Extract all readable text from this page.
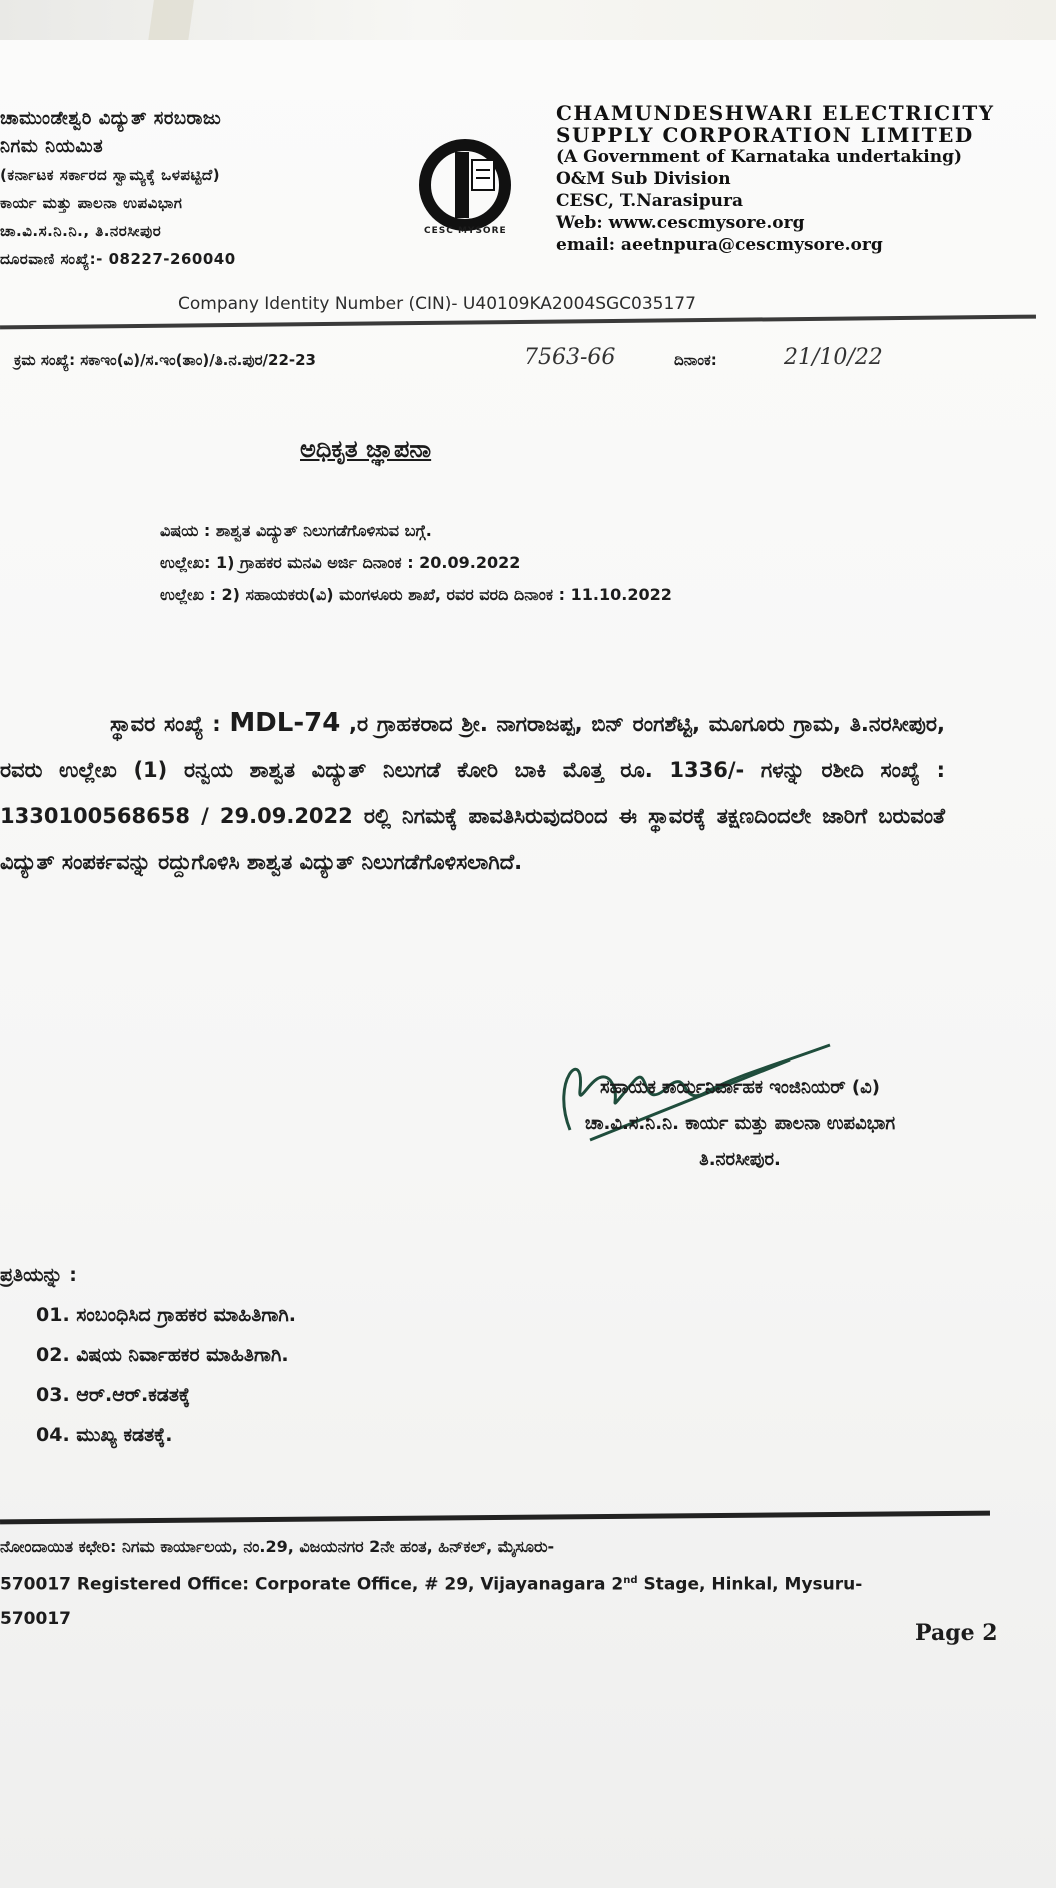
ಚಾಮುಂಡೇಶ್ವರಿ ವಿದ್ಯುತ್ ಸರಬರಾಜು
ನಿಗಮ ನಿಯಮಿತ
(ಕರ್ನಾಟಕ ಸರ್ಕಾರದ ಸ್ವಾಮ್ಯಕ್ಕೆ ಒಳಪಟ್ಟಿದೆ)
ಕಾರ್ಯ ಮತ್ತು ಪಾಲನಾ ಉಪವಿಭಾಗ
ಚಾ.ವಿ.ಸ.ನಿ.ನಿ., ತಿ.ನರಸೀಪುರ
ದೂರವಾಣಿ ಸಂಖ್ಯೆ:- 08227-260040
CESC MYSORE
CHAMUNDESHWARI ELECTRICITY
SUPPLY CORPORATION LIMITED
(A Government of Karnataka undertaking)
O&M Sub Division
CESC, T.Narasipura
Web: www.cescmysore.org
email: aeetnpura@cescmysore.org
Company Identity Number (CIN)- U40109KA2004SGC035177
ಕ್ರಮ ಸಂಖ್ಯೆ: ಸಕಾಇಂ(ವಿ)/ಸ.ಇಂ(ತಾಂ)/ತಿ.ನ.ಪುರ/22-23	7563-66	ದಿನಾಂಕ:	21/10/22
ಅಧಿಕೃತ ಜ್ಞಾಪನಾ
ವಿಷಯ : ಶಾಶ್ವತ ವಿದ್ಯುತ್ ನಿಲುಗಡೆಗೊಳಿಸುವ ಬಗ್ಗೆ.
ಉಲ್ಲೇಖ: 1) ಗ್ರಾಹಕರ ಮನವಿ ಅರ್ಜಿ ದಿನಾಂಕ : 20.09.2022
ಉಲ್ಲೇಖ : 2) ಸಹಾಯಕರು(ವಿ) ಮಂಗಳೂರು ಶಾಖೆ, ರವರ ವರದಿ ದಿನಾಂಕ : 11.10.2022
ಸ್ಥಾವರ ಸಂಖ್ಯೆ : MDL-74 ,ರ ಗ್ರಾಹಕರಾದ ಶ್ರೀ. ನಾಗರಾಜಪ್ಪ, ಬಿನ್ ರಂಗಶೆಟ್ಟಿ, ಮೂಗೂರು ಗ್ರಾಮ, ತಿ.ನರಸೀಪುರ, ರವರು ಉಲ್ಲೇಖ (1) ರನ್ವಯ ಶಾಶ್ವತ ವಿದ್ಯುತ್ ನಿಲುಗಡೆ ಕೋರಿ ಬಾಕಿ ಮೊತ್ತ ರೂ. 1336/- ಗಳನ್ನು ರಶೀದಿ ಸಂಖ್ಯೆ : 1330100568658 / 29.09.2022 ರಲ್ಲಿ ನಿಗಮಕ್ಕೆ ಪಾವತಿಸಿರುವುದರಿಂದ ಈ ಸ್ಥಾವರಕ್ಕೆ ತಕ್ಷಣದಿಂದಲೇ ಜಾರಿಗೆ ಬರುವಂತೆ ವಿದ್ಯುತ್ ಸಂಪರ್ಕವನ್ನು ರದ್ದುಗೊಳಿಸಿ ಶಾಶ್ವತ ವಿದ್ಯುತ್ ನಿಲುಗಡೆಗೊಳಿಸಲಾಗಿದೆ.
ಸಹಾಯಕ ಕಾರ್ಯನಿರ್ವಾಹಕ ಇಂಜಿನಿಯರ್ (ವಿ)
ಚಾ.ವಿ.ಸ.ನಿ.ನಿ. ಕಾರ್ಯ ಮತ್ತು ಪಾಲನಾ ಉಪವಿಭಾಗ
ತಿ.ನರಸೀಪುರ.
ಪ್ರತಿಯನ್ನು :
01. ಸಂಬಂಧಿಸಿದ ಗ್ರಾಹಕರ ಮಾಹಿತಿಗಾಗಿ.
02. ವಿಷಯ ನಿರ್ವಾಹಕರ ಮಾಹಿತಿಗಾಗಿ.
03. ಆರ್.ಆರ್.ಕಡತಕ್ಕೆ
04. ಮುಖ್ಯ ಕಡತಕ್ಕೆ.
ನೋಂದಾಯಿತ ಕಛೇರಿ: ನಿಗಮ ಕಾರ್ಯಾಲಯ, ನಂ.29, ವಿಜಯನಗರ 2ನೇ ಹಂತ, ಹಿನ್‌ಕಲ್, ಮೈಸೂರು-
570017 Registered Office: Corporate Office, # 29, Vijayanagara 2nd Stage, Hinkal, Mysuru-
570017
Page 2
